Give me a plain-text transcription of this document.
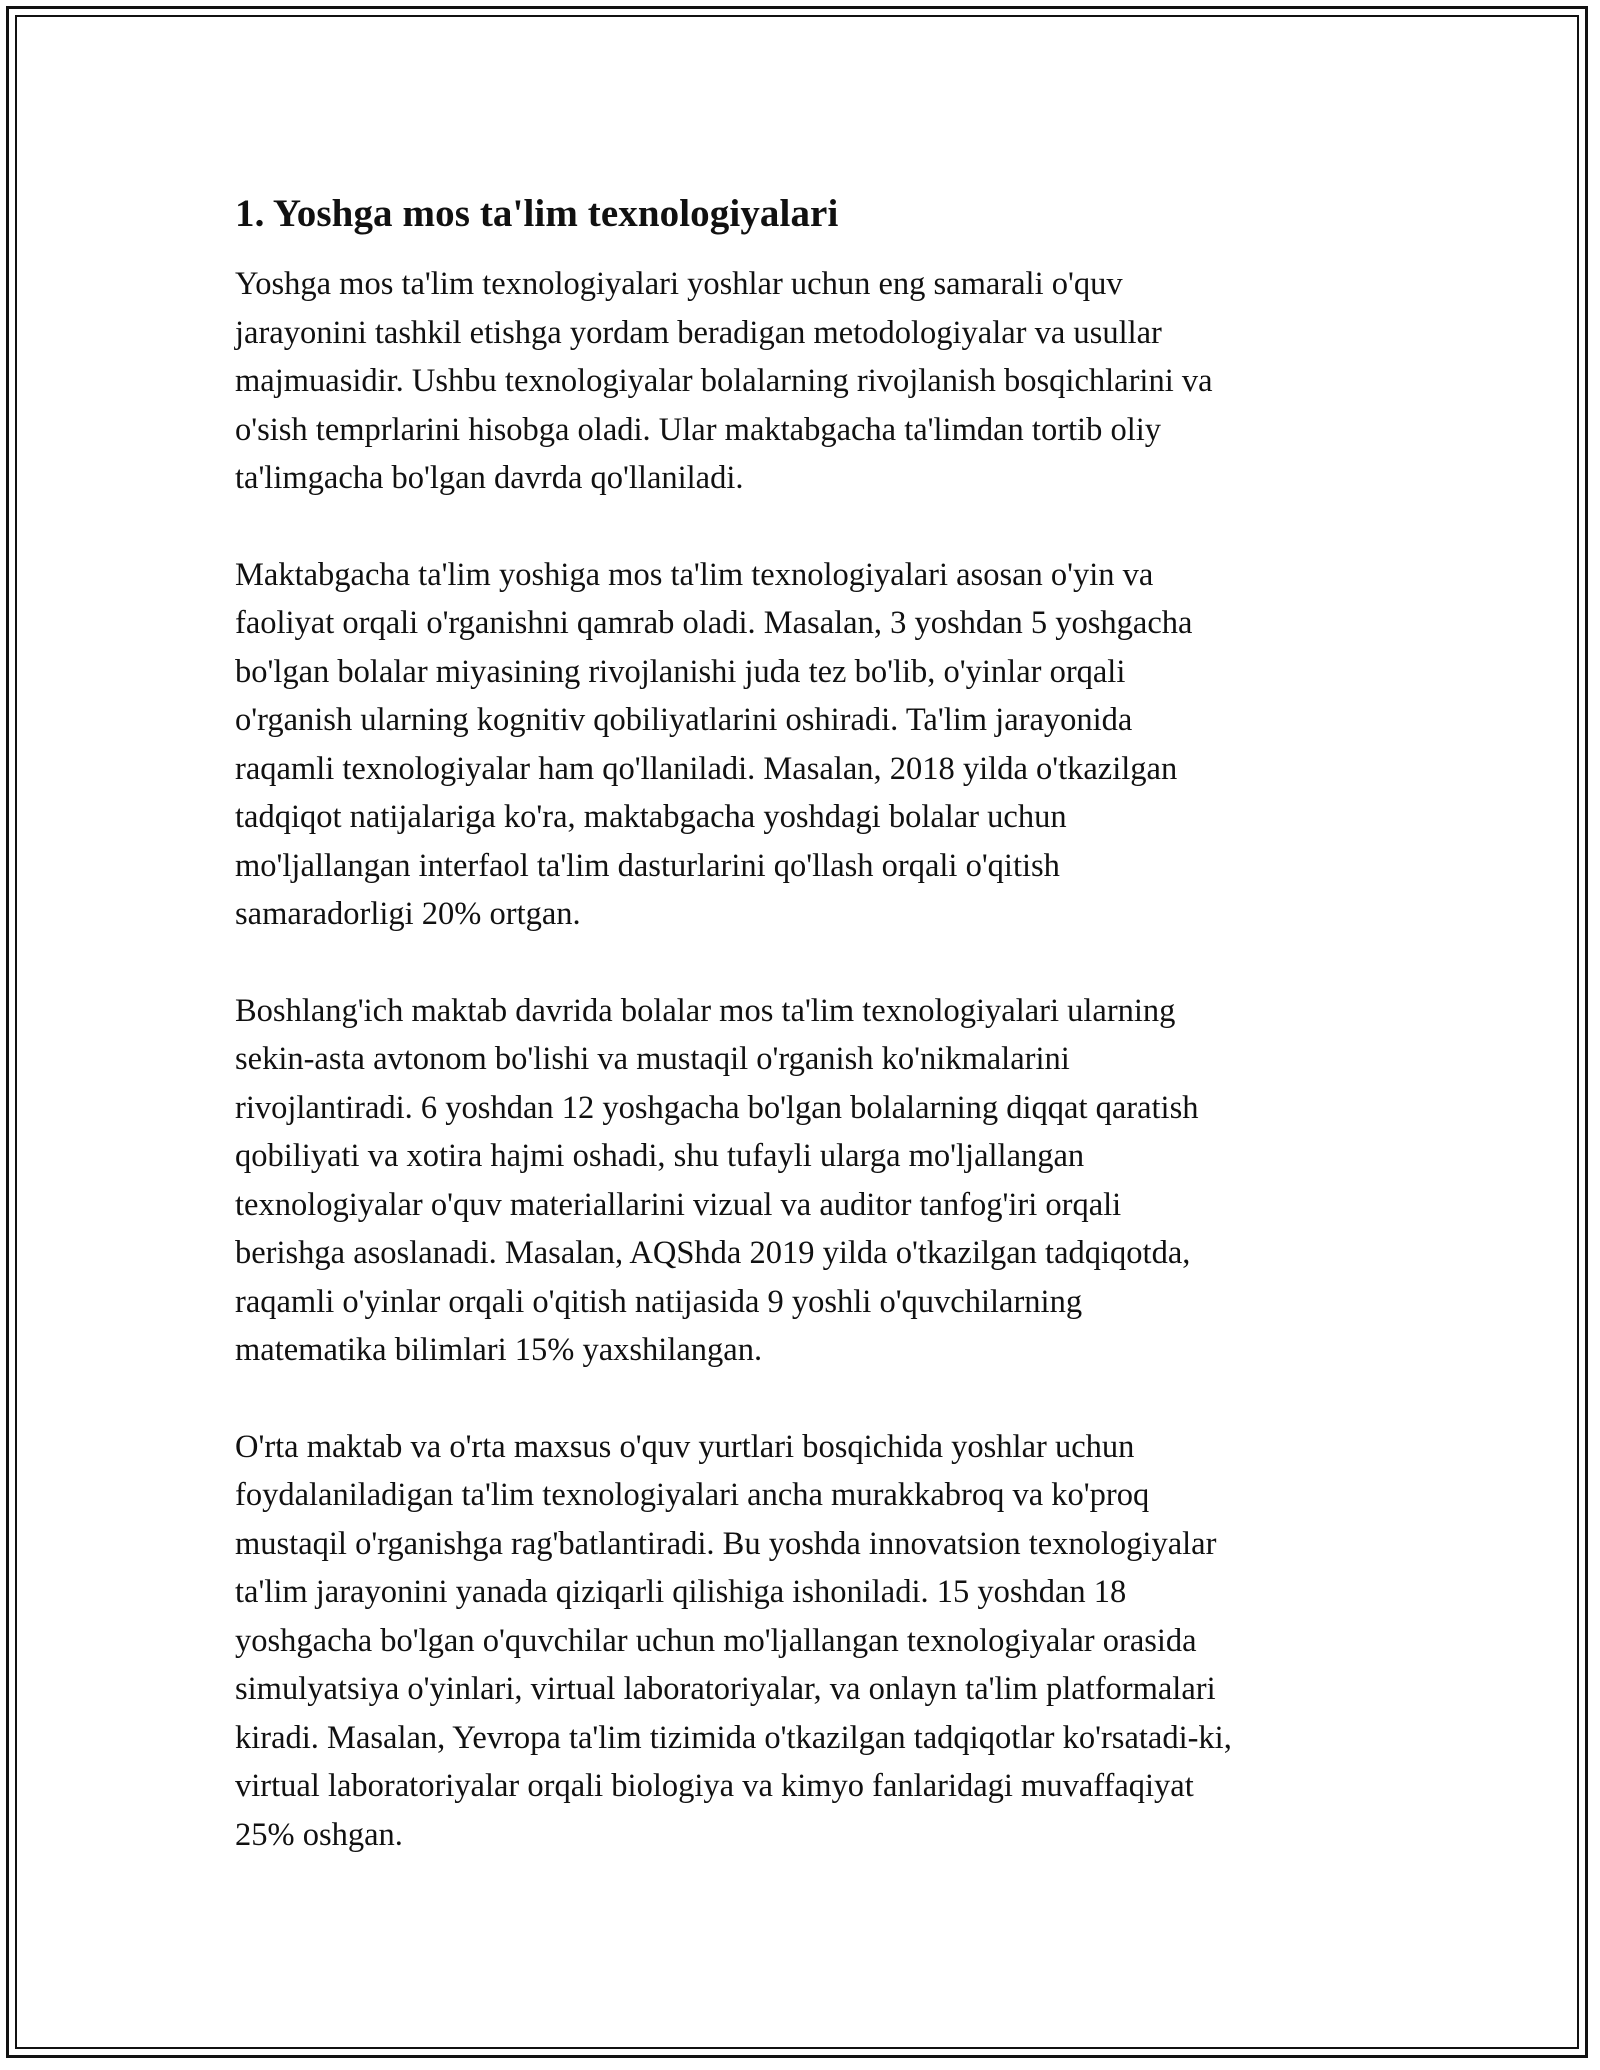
1. Yoshga mos ta'lim texnologiyalari

Yoshga mos ta'lim texnologiyalari yoshlar uchun eng samarali o'quv
jarayonini tashkil etishga yordam beradigan metodologiyalar va usullar
majmuasidir. Ushbu texnologiyalar bolalarning rivojlanish bosqichlarini va
o'sish temprlarini hisobga oladi. Ular maktabgacha ta'limdan tortib oliy
ta'limgacha bo'lgan davrda qo'llaniladi.

Maktabgacha ta'lim yoshiga mos ta'lim texnologiyalari asosan o'yin va
faoliyat orqali o'rganishni qamrab oladi. Masalan, 3 yoshdan 5 yoshgacha
bo'lgan bolalar miyasining rivojlanishi juda tez bo'lib, o'yinlar orqali
o'rganish ularning kognitiv qobiliyatlarini oshiradi. Ta'lim jarayonida
raqamli texnologiyalar ham qo'llaniladi. Masalan, 2018 yilda o'tkazilgan
tadqiqot natijalariga ko'ra, maktabgacha yoshdagi bolalar uchun
mo'ljallangan interfaol ta'lim dasturlarini qo'llash orqali o'qitish
samaradorligi 20% ortgan.

Boshlang'ich maktab davrida bolalar mos ta'lim texnologiyalari ularning
sekin-asta avtonom bo'lishi va mustaqil o'rganish ko'nikmalarini
rivojlantiradi. 6 yoshdan 12 yoshgacha bo'lgan bolalarning diqqat qaratish
qobiliyati va xotira hajmi oshadi, shu tufayli ularga mo'ljallangan
texnologiyalar o'quv materiallarini vizual va auditor tanfog'iri orqali
berishga asoslanadi. Masalan, AQShda 2019 yilda o'tkazilgan tadqiqotda,
raqamli o'yinlar orqali o'qitish natijasida 9 yoshli o'quvchilarning
matematika bilimlari 15% yaxshilangan.

O'rta maktab va o'rta maxsus o'quv yurtlari bosqichida yoshlar uchun
foydalaniladigan ta'lim texnologiyalari ancha murakkabroq va ko'proq
mustaqil o'rganishga rag'batlantiradi. Bu yoshda innovatsion texnologiyalar
ta'lim jarayonini yanada qiziqarli qilishiga ishoniladi. 15 yoshdan 18
yoshgacha bo'lgan o'quvchilar uchun mo'ljallangan texnologiyalar orasida
simulyatsiya o'yinlari, virtual laboratoriyalar, va onlayn ta'lim platformalari
kiradi. Masalan, Yevropa ta'lim tizimida o'tkazilgan tadqiqotlar ko'rsatadi-ki,
virtual laboratoriyalar orqali biologiya va kimyo fanlaridagi muvaffaqiyat
25% oshgan.
